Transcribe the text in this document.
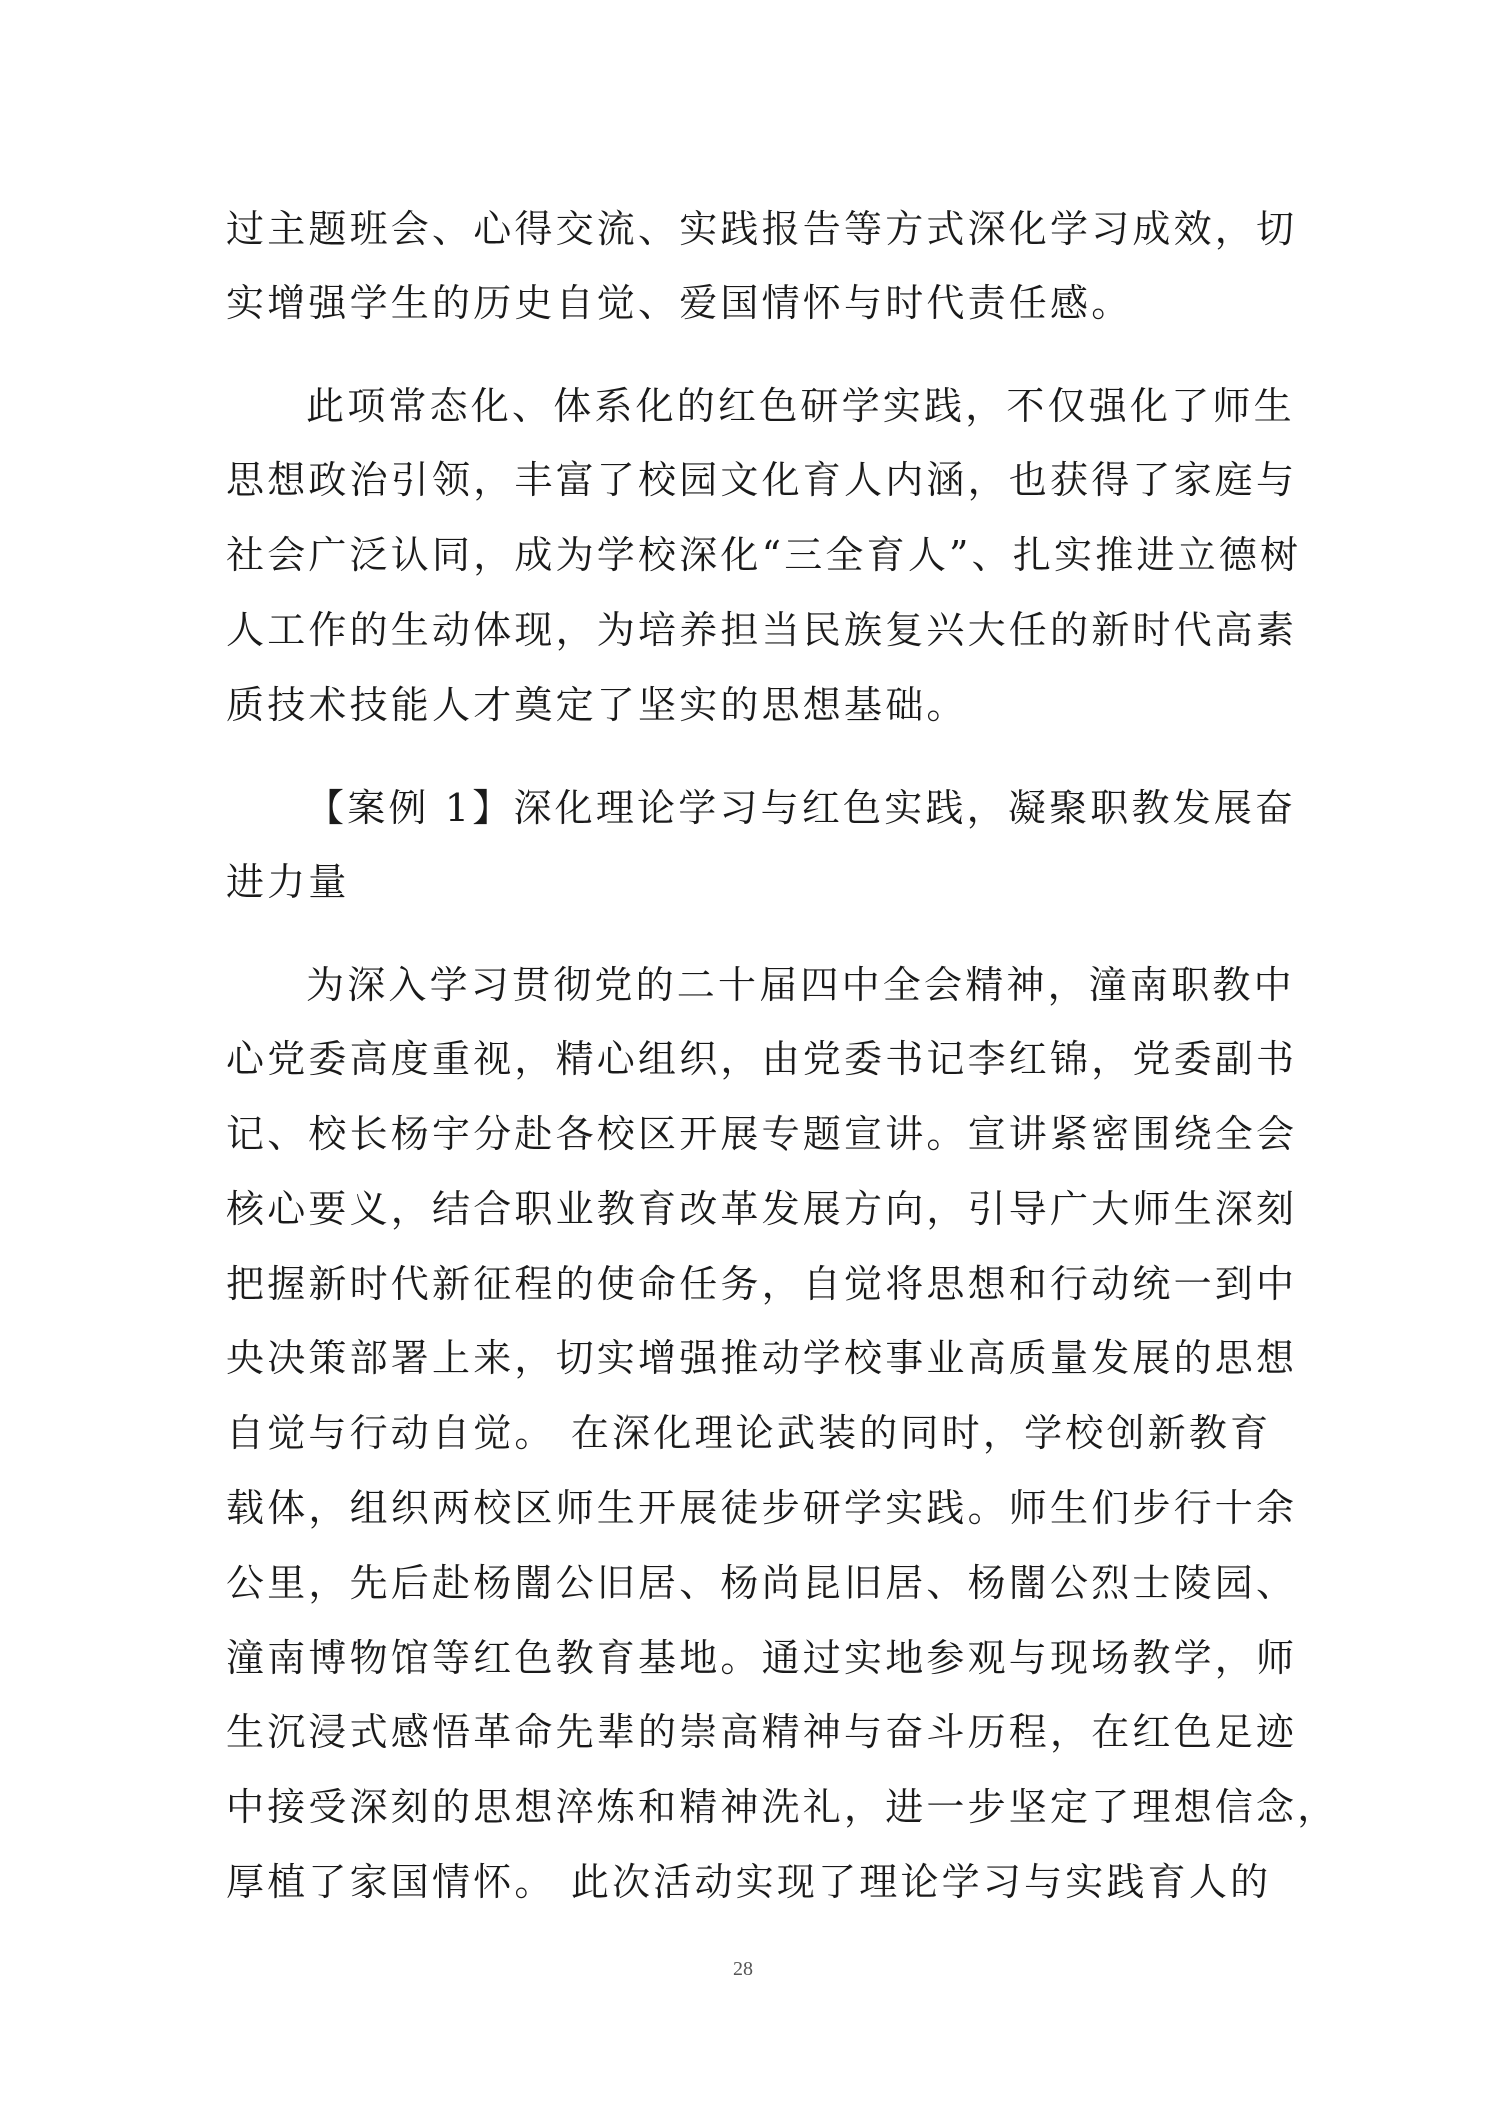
过主题班会、心得交流、实践报告等方式深化学习成效，切
实增强学生的历史自觉、爱国情怀与时代责任感。
此项常态化、体系化的红色研学实践，不仅强化了师生
思想政治引领，丰富了校园文化育人内涵，也获得了家庭与
社会广泛认同，成为学校深化“三全育人”、扎实推进立德树
人工作的生动体现，为培养担当民族复兴大任的新时代高素
质技术技能人才奠定了坚实的思想基础。
【案例 1】深化理论学习与红色实践，凝聚职教发展奋
进力量
为深入学习贯彻党的二十届四中全会精神，潼南职教中
心党委高度重视，精心组织，由党委书记李红锦，党委副书
记、校长杨宇分赴各校区开展专题宣讲。宣讲紧密围绕全会
核心要义，结合职业教育改革发展方向，引导广大师生深刻
把握新时代新征程的使命任务，自觉将思想和行动统一到中
央决策部署上来，切实增强推动学校事业高质量发展的思想
自觉与行动自觉。 在深化理论武装的同时，学校创新教育
载体，组织两校区师生开展徒步研学实践。师生们步行十余
公里，先后赴杨闇公旧居、杨尚昆旧居、杨闇公烈士陵园、
潼南博物馆等红色教育基地。通过实地参观与现场教学，师
生沉浸式感悟革命先辈的崇高精神与奋斗历程，在红色足迹
中接受深刻的思想淬炼和精神洗礼，进一步坚定了理想信念，
厚植了家国情怀。 此次活动实现了理论学习与实践育人的
28
